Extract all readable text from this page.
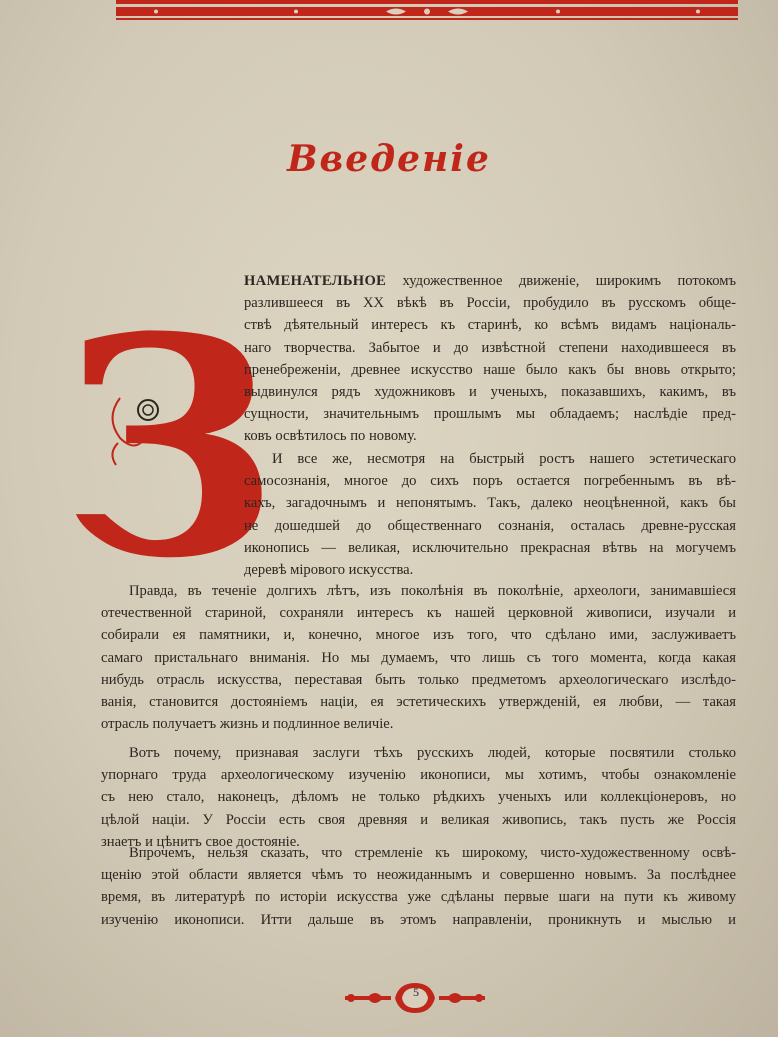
Введеніе
З
НАМЕНАТЕЛЬНОЕ художественное движеніе, широкимъ потокомъ
разлившееся въ XX вѣкѣ въ Россіи, пробудило въ русскомъ обще-
ствѣ дѣятельный интересъ къ старинѣ, ко всѣмъ видамъ національ-
наго творчества. Забытое и до извѣстной степени находившееся въ
пренебреженіи, древнее искусство наше было какъ бы вновь открыто;
выдвинулся рядъ художниковъ и ученыхъ, показавшихъ, какимъ, въ
сущности, значительнымъ прошлымъ мы обладаемъ; наслѣдіе пред-
ковъ освѣтилось по новому.
И все же, несмотря на быстрый ростъ нашего эстетическаго
самосознанія, многое до сихъ поръ остается погребеннымъ въ вѣ-
кахъ, загадочнымъ и непонятымъ. Такъ, далеко неоцѣненной, какъ бы
не дошедшей до общественнаго сознанія, осталась древне-русская
иконопись — великая, исключительно прекрасная вѣтвь на могучемъ
деревѣ мірового искусства.
Правда, въ теченіе долгихъ лѣтъ, изъ поколѣнія въ поколѣніе, археологи, занимавшіеся
отечественной стариной, сохраняли интересъ къ нашей церковной живописи, изучали и
собирали ея памятники, и, конечно, многое изъ того, что сдѣлано ими, заслуживаетъ
самаго пристальнаго вниманія. Но мы думаемъ, что лишь съ того момента, когда какая
нибудь отрасль искусства, переставая быть только предметомъ археологическаго изслѣдо-
ванія, становится достояніемъ націи, ея эстетическихъ утвержденій, ея любви, — такая
отрасль получаетъ жизнь и подлинное величіе.
Вотъ почему, признавая заслуги тѣхъ русскихъ людей, которые посвятили столько
упорнаго труда археологическому изученію иконописи, мы хотимъ, чтобы ознакомленіе
съ нею стало, наконецъ, дѣломъ не только рѣдкихъ ученыхъ или коллекціонеровъ, но
цѣлой націи. У Россіи есть своя древняя и великая живопись, такъ пусть же Россія
знаетъ и цѣнитъ свое достояніе.
Впрочемъ, нельзя сказать, что стремленіе къ широкому, чисто-художественному освѣ-
щенію этой области является чѣмъ то неожиданнымъ и совершенно новымъ. За послѣднее
время, въ литературѣ по исторіи искусства уже сдѣланы первые шаги на пути къ живому
изученію иконописи. Итти дальше въ этомъ направленіи, проникнуть и мыслью и
5
